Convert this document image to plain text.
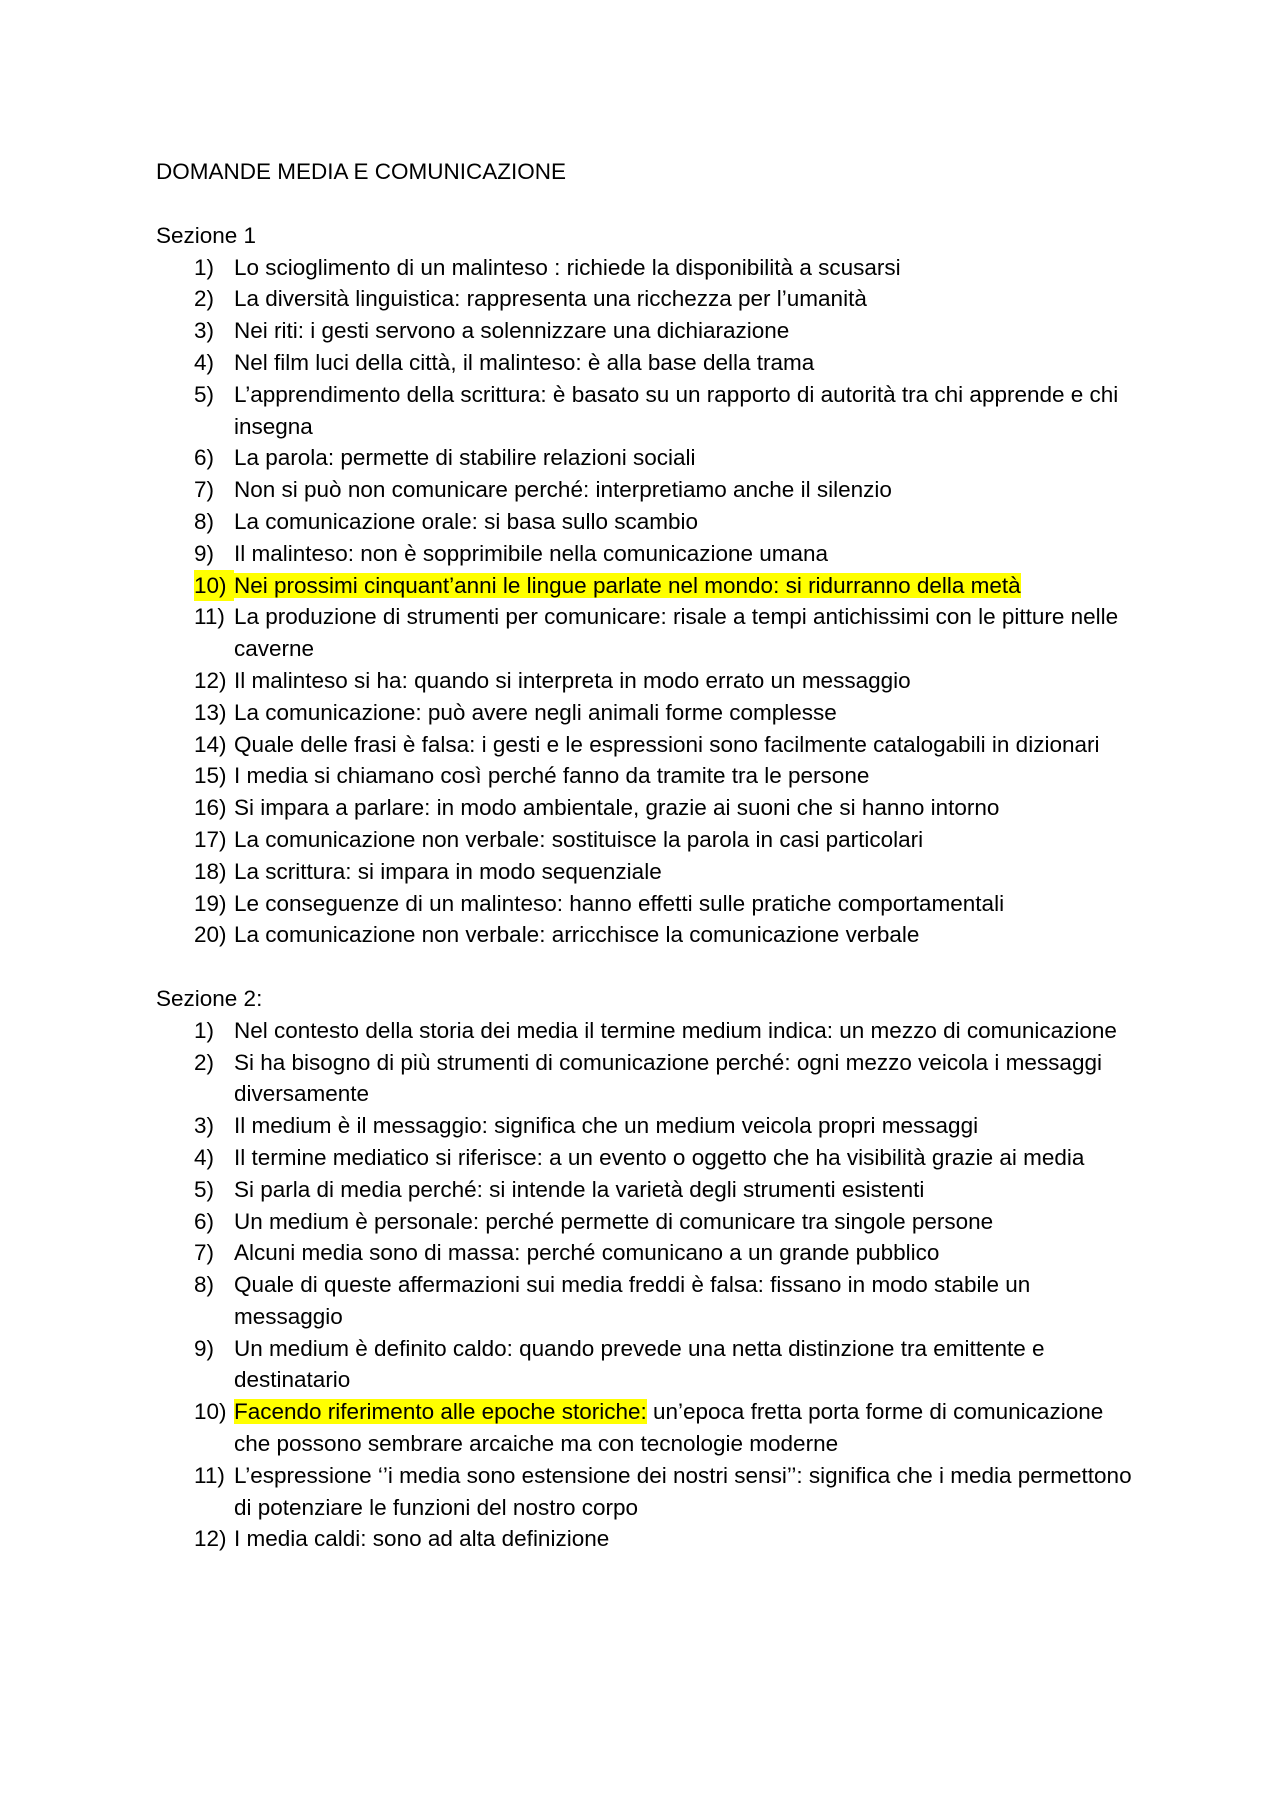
DOMANDE MEDIA E COMUNICAZIONE

Sezione 1

1) Lo scioglimento di un malinteso : richiede la disponibilità a scusarsi
2) La diversità linguistica: rappresenta una ricchezza per l’umanità
3) Nei riti: i gesti servono a solennizzare una dichiarazione
4) Nel film luci della città, il malinteso: è alla base della trama
5) L’apprendimento della scrittura: è basato su un rapporto di autorità tra chi apprende e chi insegna
6) La parola: permette di stabilire relazioni sociali
7) Non si può non comunicare perché: interpretiamo anche il silenzio
8) La comunicazione orale: si basa sullo scambio
9) Il malinteso: non è sopprimibile nella comunicazione umana
10) Nei prossimi cinquant’anni le lingue parlate nel mondo: si ridurranno della metà
11) La produzione di strumenti per comunicare: risale a tempi antichissimi con le pitture nelle caverne
12) Il malinteso si ha: quando si interpreta in modo errato un messaggio
13) La comunicazione: può avere negli animali forme complesse
14) Quale delle frasi è falsa: i gesti e le espressioni sono facilmente catalogabili in dizionari
15) I media si chiamano così perché fanno da tramite tra le persone
16) Si impara a parlare: in modo ambientale, grazie ai suoni che si hanno intorno
17) La comunicazione non verbale: sostituisce la parola in casi particolari
18) La scrittura: si impara in modo sequenziale
19) Le conseguenze di un malinteso: hanno effetti sulle pratiche comportamentali
20) La comunicazione non verbale: arricchisce la comunicazione verbale

Sezione 2:

1) Nel contesto della storia dei media il termine medium indica: un mezzo di comunicazione
2) Si ha bisogno di più strumenti di comunicazione perché: ogni mezzo veicola i messaggi diversamente
3) Il medium è il messaggio: significa che un medium veicola propri messaggi
4) Il termine mediatico si riferisce: a un evento o oggetto che ha visibilità grazie ai media
5) Si parla di media perché: si intende la varietà degli strumenti esistenti
6) Un medium è personale: perché permette di comunicare tra singole persone
7) Alcuni media sono di massa: perché comunicano a un grande pubblico
8) Quale di queste affermazioni sui media freddi è falsa: fissano in modo stabile un messaggio
9) Un medium è definito caldo: quando prevede una netta distinzione tra emittente e destinatario
10) Facendo riferimento alle epoche storiche: un’epoca fretta porta forme di comunicazione che possono sembrare arcaiche ma con tecnologie moderne
11) L’espressione ‘’i media sono estensione dei nostri sensi’’: significa che i media permettono di potenziare le funzioni del nostro corpo
12) I media caldi: sono ad alta definizione
